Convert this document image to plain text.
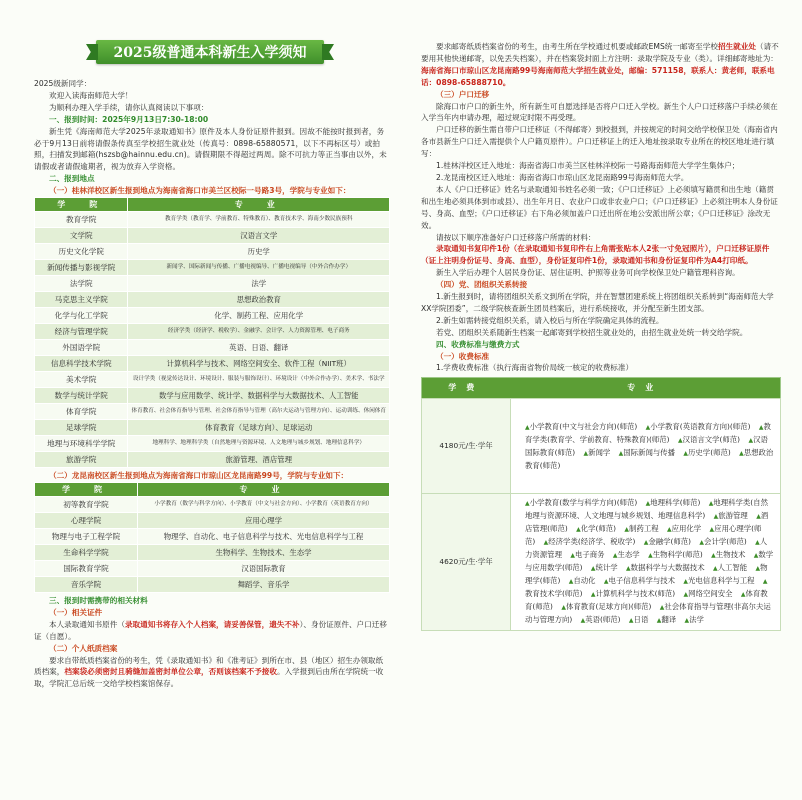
2025级普通本科新生入学须知

2025级新同学：

欢迎入读海南师范大学！

为顺利办理入学手续，请你认真阅读以下事项：

一、报到时间：2025年9月13日7:30-18:00

新生凭《海南师范大学2025年录取通知书》原件及本人身份证原件报到。因故不能按时报到者，务必于9月13日前将请假条传真至学校招生就业处（传真号：0898-65880571，以下不再标区号）或拍照，扫描发到邮箱(hszsb@hainnu.edu.cn)。请假期限不得超过两周。除不可抗力等正当事由以外，未请假或者请假逾期者，视为放弃入学资格。

二、报到地点

（一）桂林洋校区新生报到地点为海南省海口市美兰区校际一号路3号，学院与专业如下：

学　院	专　业
教育学院	教育学类（教育学、学前教育、特殊教育）、教育技术学、海南少数民族预科
文学院	汉语言文学
历史文化学院	历史学
新闻传播与影视学院	新闻学、国际新闻与传播、广播电视编导、广播电视编导（中外合作办学）
法学院	法学
马克思主义学院	思想政治教育
化学与化工学院	化学、制药工程、应用化学
经济与管理学院	经济学类（经济学、税收学）、金融学、会计学、人力资源管理、电子商务
外国语学院	英语、日语、翻译
信息科学技术学院	计算机科学与技术、网络空间安全、软件工程（NIIT班）
美术学院	设计学类（视觉传达设计、环境设计、服装与服饰设计）、环境设计（中外合作办学）、美术学、书法学
数学与统计学院	数学与应用数学、统计学、数据科学与大数据技术、人工智能
体育学院	体育教育、社会体育指导与管理、社会体育指导与管理（高尔夫运动与管理方向）、运动训练、休闲体育
足球学院	体育教育（足球方向）、足球运动
地理与环境科学学院	地理科学、地理科学类（自然地理与资源环境、人文地理与城乡规划、地理信息科学）
旅游学院	旅游管理、酒店管理

（二）龙昆南校区新生报到地点为海南省海口市琼山区龙昆南路99号，学院与专业如下：

学　院	专　业
初等教育学院	小学教育（数学与科学方向）、小学教育（中文与社会方向）、小学教育（英语教育方向）
心理学院	应用心理学
物理与电子工程学院	物理学、自动化、电子信息科学与技术、光电信息科学与工程
生命科学学院	生物科学、生物技术、生态学
国际教育学院	汉语国际教育
音乐学院	舞蹈学、音乐学

三、报到时需携带的相关材料

（一）相关证件

本人录取通知书原件（录取通知书将存入个人档案，请妥善保管，遗失不补）、身份证原件、户口迁移证（自愿）。

（二）个人纸质档案

要求自带纸质档案省份的考生，凭《录取通知书》和《准考证》到所在市、县（地区）招生办领取纸质档案，档案袋必须密封且骑缝加盖密封单位公章，否则该档案不予接收。入学报到后由所在学院统一收取，学院汇总后统一交给学校档案馆保存。

要求邮寄纸质档案省份的考生，由考生所在学校通过机要或邮政EMS统一邮寄至学校招生就业处（请不要用其他快递邮寄，以免丢失档案），并在档案袋封面上方注明：录取学院及专业（类）。详细邮寄地址为：海南省海口市琼山区龙昆南路99号海南师范大学招生就业处，邮编：571158，联系人：黄老师，联系电话：0898-65888710。

（三）户口迁移

除海口市户口的新生外，所有新生可自愿选择是否将户口迁入学校。新生个人户口迁移落户手续必须在入学当年内申请办理，超过规定时限不再受理。

户口迁移的新生需自带户口迁移证（不得邮寄）到校报到，并按规定的时间交给学校保卫处（海南省内各市县新生户口迁入需提供个人户籍页原件）。户口迁移证上的迁入地址按录取专业所在的校区地址进行填写：

1.桂林洋校区迁入地址：海南省海口市美兰区桂林洋校际一号路海南师范大学学生集体户；

2.龙昆南校区迁入地址：海南省海口市琼山区龙昆南路99号海南师范大学。

本人《户口迁移证》姓名与录取通知书姓名必须一致；《户口迁移证》上必须填写籍贯和出生地（籍贯和出生地必须具体到市或县）、出生年月日、农业户口或非农业户口；《户口迁移证》上必须注明本人身份证号、身高、血型；《户口迁移证》右下角必须加盖户口迁出所在地公安派出所公章；《户口迁移证》涂改无效。

请按以下顺序准备好户口迁移落户所需的材料：

录取通知书复印件1份（在录取通知书复印件右上角需张贴本人2张一寸免冠照片），户口迁移证原件（证上注明身份证号、身高、血型），身份证复印件1份，录取通知书和身份证复印件为A4打印纸。

新生入学后办理个人居民身份证、居住证明、护照等业务可向学校保卫处户籍管理科咨询。

（四）党、团组织关系转接

1.新生报到时，请将团组织关系文到所在学院，并在智慧团建系统上将团组织关系转到“海南师范大学XX学院团委”，二级学院核查新生团员档案后，进行系统接收，并分配至新生团支部。

2.新生如需转接党组织关系，请入校后与所在学院确定具体的流程。

若党、团组织关系随新生档案一起邮寄到学校招生就业处的，由招生就业处统一转交给学院。

四、收费标准与缴费方式

（一）收费标准

1.学费收费标准（执行海南省物价局统一核定的收费标准）

学费	专业
4180元/生·学年	▲小学教育(中文与社会方向)(师范) ▲小学教育(英语教育方向)(师范) ▲教育学类(教育学、学前教育、特殊教育)(师范) ▲汉语言文学(师范) ▲汉语国际教育(师范) ▲新闻学 ▲国际新闻与传播 ▲历史学(师范) ▲思想政治教育(师范)
4620元/生·学年	▲小学教育(数学与科学方向)(师范) ▲地理科学(师范) ▲地理科学类(自然地理与资源环境、人文地理与城乡规划、地理信息科学) ▲旅游管理 ▲酒店管理(师范) ▲化学(师范) ▲制药工程 ▲应用化学 ▲应用心理学(师范) ▲经济学类(经济学、税收学) ▲金融学(师范) ▲会计学(师范) ▲人力资源管理 ▲电子商务 ▲生态学 ▲生物科学(师范) ▲生物技术 ▲数学与应用数学(师范) ▲统计学 ▲数据科学与大数据技术 ▲人工智能 ▲物理学(师范) ▲自动化 ▲电子信息科学与技术 ▲光电信息科学与工程 ▲教育技术学(师范) ▲计算机科学与技术(师范) ▲网络空间安全 ▲体育教育(师范) ▲体育教育(足球方向)(师范) ▲社会体育指导与管理(非高尔夫运动与管理方向) ▲英语(师范) ▲日语 ▲翻译 ▲法学
